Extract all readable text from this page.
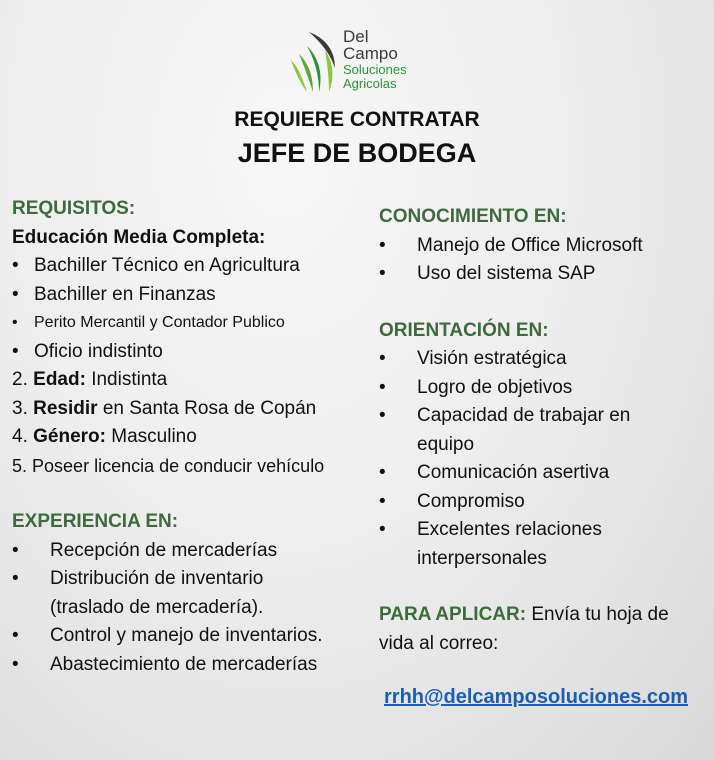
Del
Campo
Soluciones
Agricolas
REQUIERE CONTRATAR
JEFE DE BODEGA
REQUISITOS:
Educación Media Completa:
• Bachiller Técnico en Agricultura
• Bachiller en Finanzas
• Perito Mercantil y Contador Publico
• Oficio indistinto
2. Edad: Indistinta
3. Residir en Santa Rosa de Copán
4. Género: Masculino
5. Poseer licencia de conducir vehículo
EXPERIENCIA EN:
• Recepción de mercaderías
• Distribución de inventario
(traslado de mercadería).
• Control y manejo de inventarios.
• Abastecimiento de mercaderías
CONOCIMIENTO EN:
• Manejo de Office Microsoft
• Uso del sistema SAP
ORIENTACIÓN EN:
• Visión estratégica
• Logro de objetivos
• Capacidad de trabajar en
equipo
• Comunicación asertiva
• Compromiso
• Excelentes relaciones
interpersonales
PARA APLICAR: Envía tu hoja de
vida al correo:
rrhh@delcamposoluciones.com
